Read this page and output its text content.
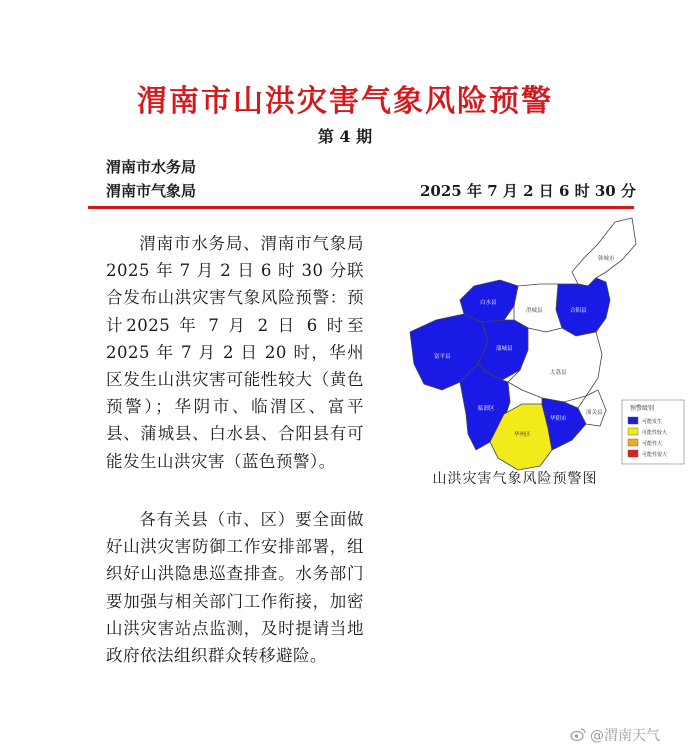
渭南市山洪灾害气象风险预警
第 4 期
渭南市水务局
渭南市气象局	2025 年 7 月 2 日 6 时 30 分
渭南市水务局、渭南市气象局2025 年 7 月 2 日 6 时 30 分联合发布山洪灾害气象风险预警：预计2025 年 7 月 2 日 6 时至 2025 年 7 月 2 日 20 时，华州区发生山洪灾害可能性较大（黄色预警）；华阴市、临渭区、富平县、蒲城县、白水县、合阳县有可能发生山洪灾害（蓝色预警）。
各有关县（市、区）要全面做好山洪灾害防御工作安排部署，组织好山洪隐患巡查排查。水务部门要加强与相关部门工作衔接，加密山洪灾害站点监测，及时提请当地政府依法组织群众转移避险。
韩城市
白水县
合阳县
澄城县
富平县
蒲城县
大荔县
临渭区
华州区
华阴市
潼关县
预警级别
可能发生
可能性较大
可能性大
可能性很大
山洪灾害气象风险预警图
@渭南天气
